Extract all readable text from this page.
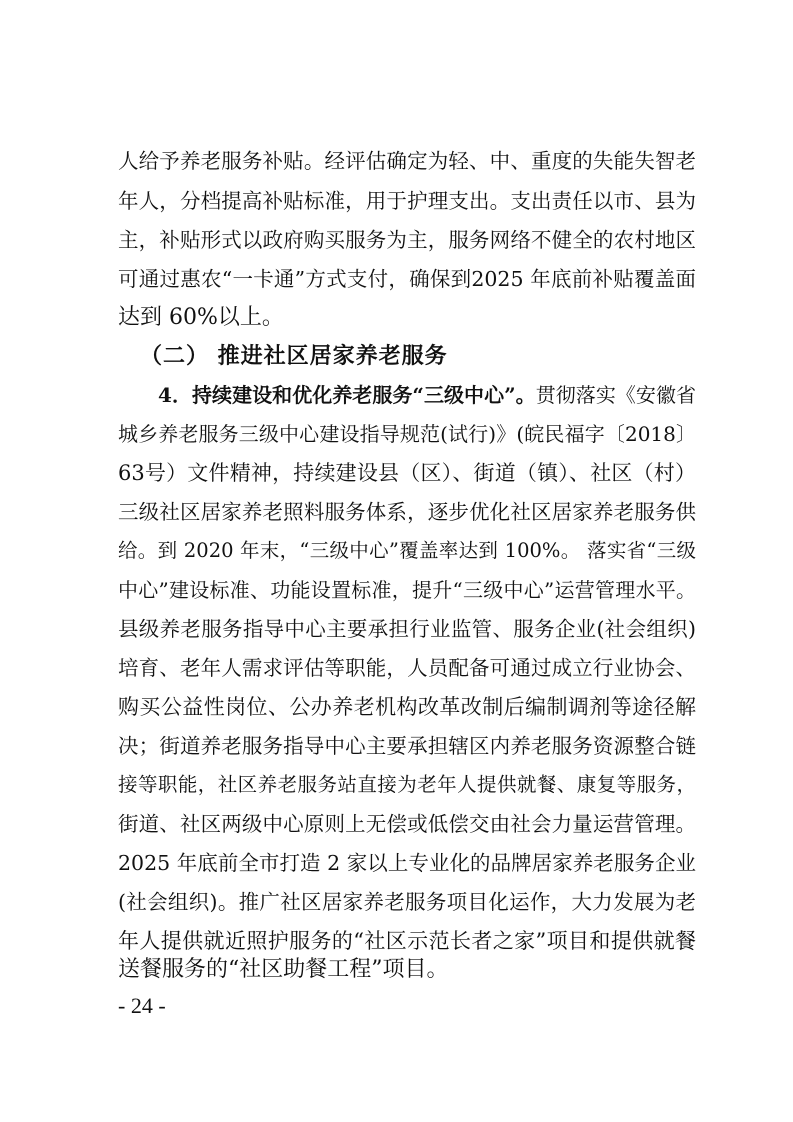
人给予养老服务补贴。经评估确定为轻、中、重度的失能失智老
年人，分档提高补贴标准，用于护理支出。支出责任以市、县为
主，补贴形式以政府购买服务为主，服务网络不健全的农村地区
可通过惠农“一卡通”方式支付，确保到2025 年底前补贴覆盖面
达到 60%以上。
（二） 推进社区居家养老服务
4．持续建设和优化养老服务“三级中心”。贯彻落实《安徽省
城乡养老服务三级中心建设指导规范(试行)》(皖民福字〔2018〕
63号）文件精神，持续建设县（区）、街道（镇）、社区（村）
三级社区居家养老照料服务体系，逐步优化社区居家养老服务供
给。到 2020 年末，“三级中心”覆盖率达到 100%。 落实省“三级
中心”建设标准、功能设置标准，提升“三级中心”运营管理水平。
县级养老服务指导中心主要承担行业监管、服务企业(社会组织)
培育、老年人需求评估等职能，人员配备可通过成立行业协会、
购买公益性岗位、公办养老机构改革改制后编制调剂等途径解
决；街道养老服务指导中心主要承担辖区内养老服务资源整合链
接等职能，社区养老服务站直接为老年人提供就餐、康复等服务，
街道、社区两级中心原则上无偿或低偿交由社会力量运营管理。
2025 年底前全市打造 2 家以上专业化的品牌居家养老服务企业
(社会组织)。推广社区居家养老服务项目化运作，大力发展为老
年人提供就近照护服务的“社区示范长者之家”项目和提供就餐
送餐服务的“社区助餐工程”项目。
- 24 -
